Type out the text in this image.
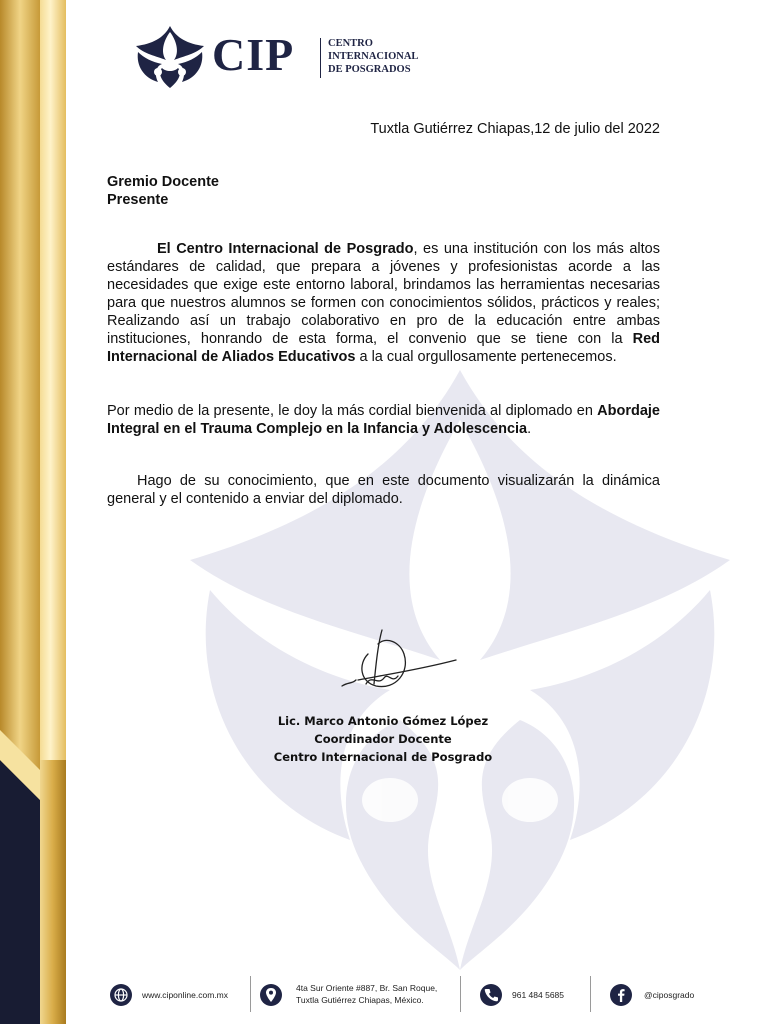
CIP	CENTRO
INTERNACIONAL
DE POSGRADOS
Tuxtla Gutiérrez Chiapas,12 de julio del 2022
Gremio Docente
Presente
El Centro Internacional de Posgrado, es una institución con los más altos estándares de calidad, que prepara a jóvenes y profesionistas acorde a las necesidades que exige este entorno laboral, brindamos las herramientas necesarias para que nuestros alumnos se formen con conocimientos sólidos, prácticos y reales; Realizando así un trabajo colaborativo en pro de la educación entre ambas instituciones, honrando de esta forma, el convenio que se tiene con la Red Internacional de Aliados Educativos a la cual orgullosamente pertenecemos.
Por medio de la presente, le doy la más cordial bienvenida al diplomado en Abordaje Integral en el Trauma Complejo en la Infancia y Adolescencia.
Hago de su conocimiento, que en este documento visualizarán la dinámica general y el contenido a enviar del diplomado.
Lic. Marco Antonio Gómez López
Coordinador Docente
Centro Internacional de Posgrado
www.ciponline.com.mx
4ta Sur Oriente #887, Br. San Roque,
Tuxtla Gutiérrez Chiapas, México.	961 484 5685	@ciposgrado
